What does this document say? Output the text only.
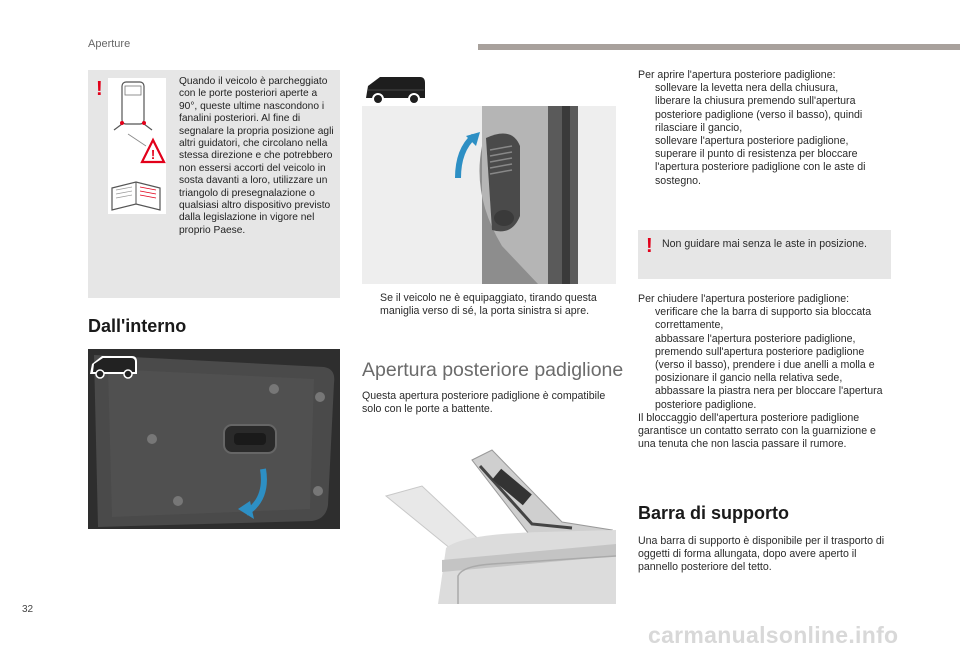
Aperture
32
carmanualsonline.info
!
!
Quando il veicolo è parcheggiato con le porte posteriori aperte a 90°, queste ultime nascondono i fanalini posteriori. Al fine di segnalare la propria posizione agli altri guidatori, che circolano nella stessa direzione e che potrebbero non essersi accorti del veicolo in sosta davanti a loro, utilizzare un triangolo di presegnalazione o qualsiasi altro dispositivo previsto dalla legislazione in vigore nel proprio Paese.
Dall'interno
Se il veicolo ne è equipaggiato, tirando questa maniglia verso di sé, la porta sinistra si apre.
Apertura posteriore padiglione
Questa apertura posteriore padiglione è compatibile solo con le porte a battente.
Per aprire l'apertura posteriore padiglione:
sollevare la levetta nera della chiusura,
liberare la chiusura premendo sull'apertura posteriore padiglione (verso il basso), quindi rilasciare il gancio,
sollevare l'apertura posteriore padiglione,
superare il punto di resistenza per bloccare l'apertura posteriore padiglione con le aste di sostegno.
! Non guidare mai senza le aste in posizione.
Per chiudere l'apertura posteriore padiglione:
verificare che la barra di supporto sia bloccata correttamente,
abbassare l'apertura posteriore padiglione,
premendo sull'apertura posteriore padiglione (verso il basso), prendere i due anelli a molla e posizionare il gancio nella relativa sede,
abbassare la piastra nera per bloccare l'apertura posteriore padiglione.
Il bloccaggio dell'apertura posteriore padiglione garantisce un contatto serrato con la guarnizione e una tenuta che non lascia passare il rumore.
Barra di supporto
Una barra di supporto è disponibile per il trasporto di oggetti di forma allungata, dopo avere aperto il pannello posteriore del tetto.
